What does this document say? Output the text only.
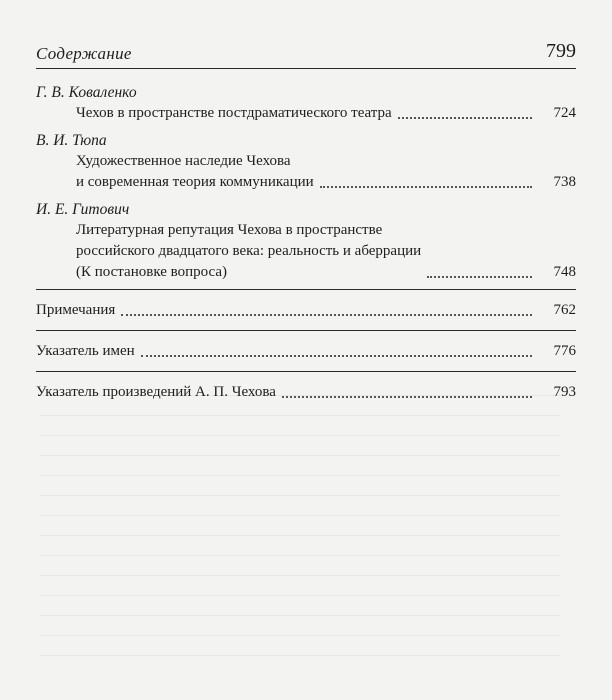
Содержание	799
Г. В. Коваленко
Чехов в пространстве постдраматического театра	724
В. И. Тюпа
Художественное наследие Чехова
и современная теория коммуникации	738
И. Е. Гитович
Литературная репутация Чехова в пространстве
российского двадцатого века: реальность и аберрации
(К постановке вопроса)	748
Примечания	762
Указатель имен	776
Указатель произведений А. П. Чехова	793
